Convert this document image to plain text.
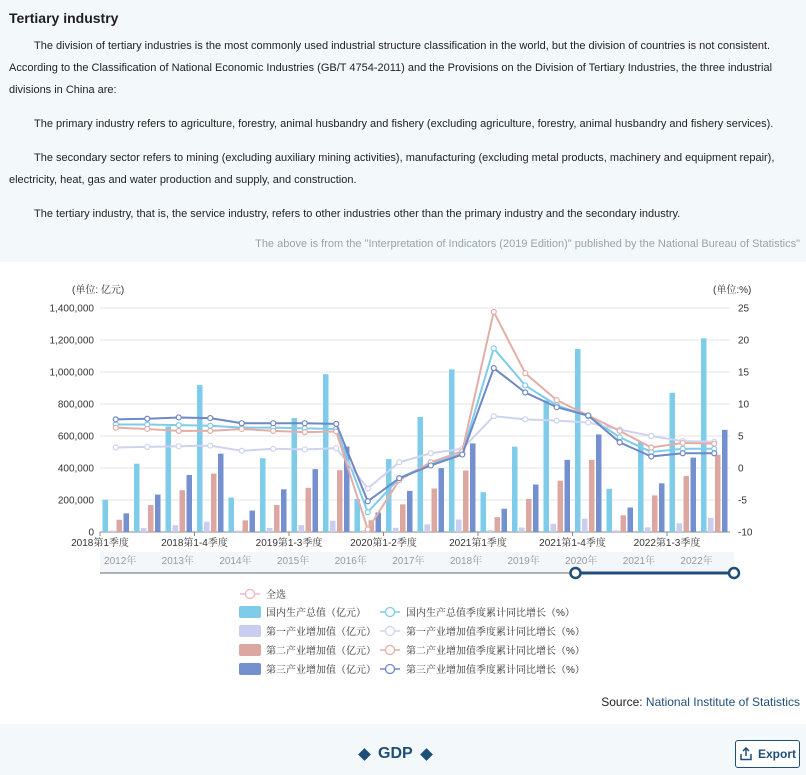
Tertiary industry

The division of tertiary industries is the most commonly used industrial structure classification in the world, but the division of countries is not consistent. According to the Classification of National Economic Industries (GB/T 4754-2011) and the Provisions on the Division of Tertiary Industries, the three industrial divisions in China are:

The primary industry refers to agriculture, forestry, animal husbandry and fishery (excluding agriculture, forestry, animal husbandry and fishery services).

The secondary sector refers to mining (excluding auxiliary mining activities), manufacturing (excluding metal products, machinery and equipment repair), electricity, heat, gas and water production and supply, and construction.

The tertiary industry, that is, the service industry, refers to other industries other than the primary industry and the secondary industry.

The above is from the "Interpretation of Indicators (2019 Edition)" published by the National Bureau of Statistics"
(单位: 亿元)	(单位:%)
0
200,000
400,000
600,000
800,000
1,000,000
1,200,000
1,400,000
-10
-5
0
5
10
15
20
25
2018第1季度	2018第1-4季度	2019第1-3季度	2020第1-2季度	2021第1季度	2021第1-4季度	2022第1-3季度
2012年	2013年	2014年	2015年	2016年	2017年	2018年	2019年	2020年	2021年	2022年
全选
国内生产总值（亿元）
第一产业增加值（亿元）
第二产业增加值（亿元）
第三产业增加值（亿元）
国内生产总值季度累计同比增长（%）
第一产业增加值季度累计同比增长（%）
第二产业增加值季度累计同比增长（%）
第三产业增加值季度累计同比增长（%）
Source: National Institute of Statistics
GDP	Export
